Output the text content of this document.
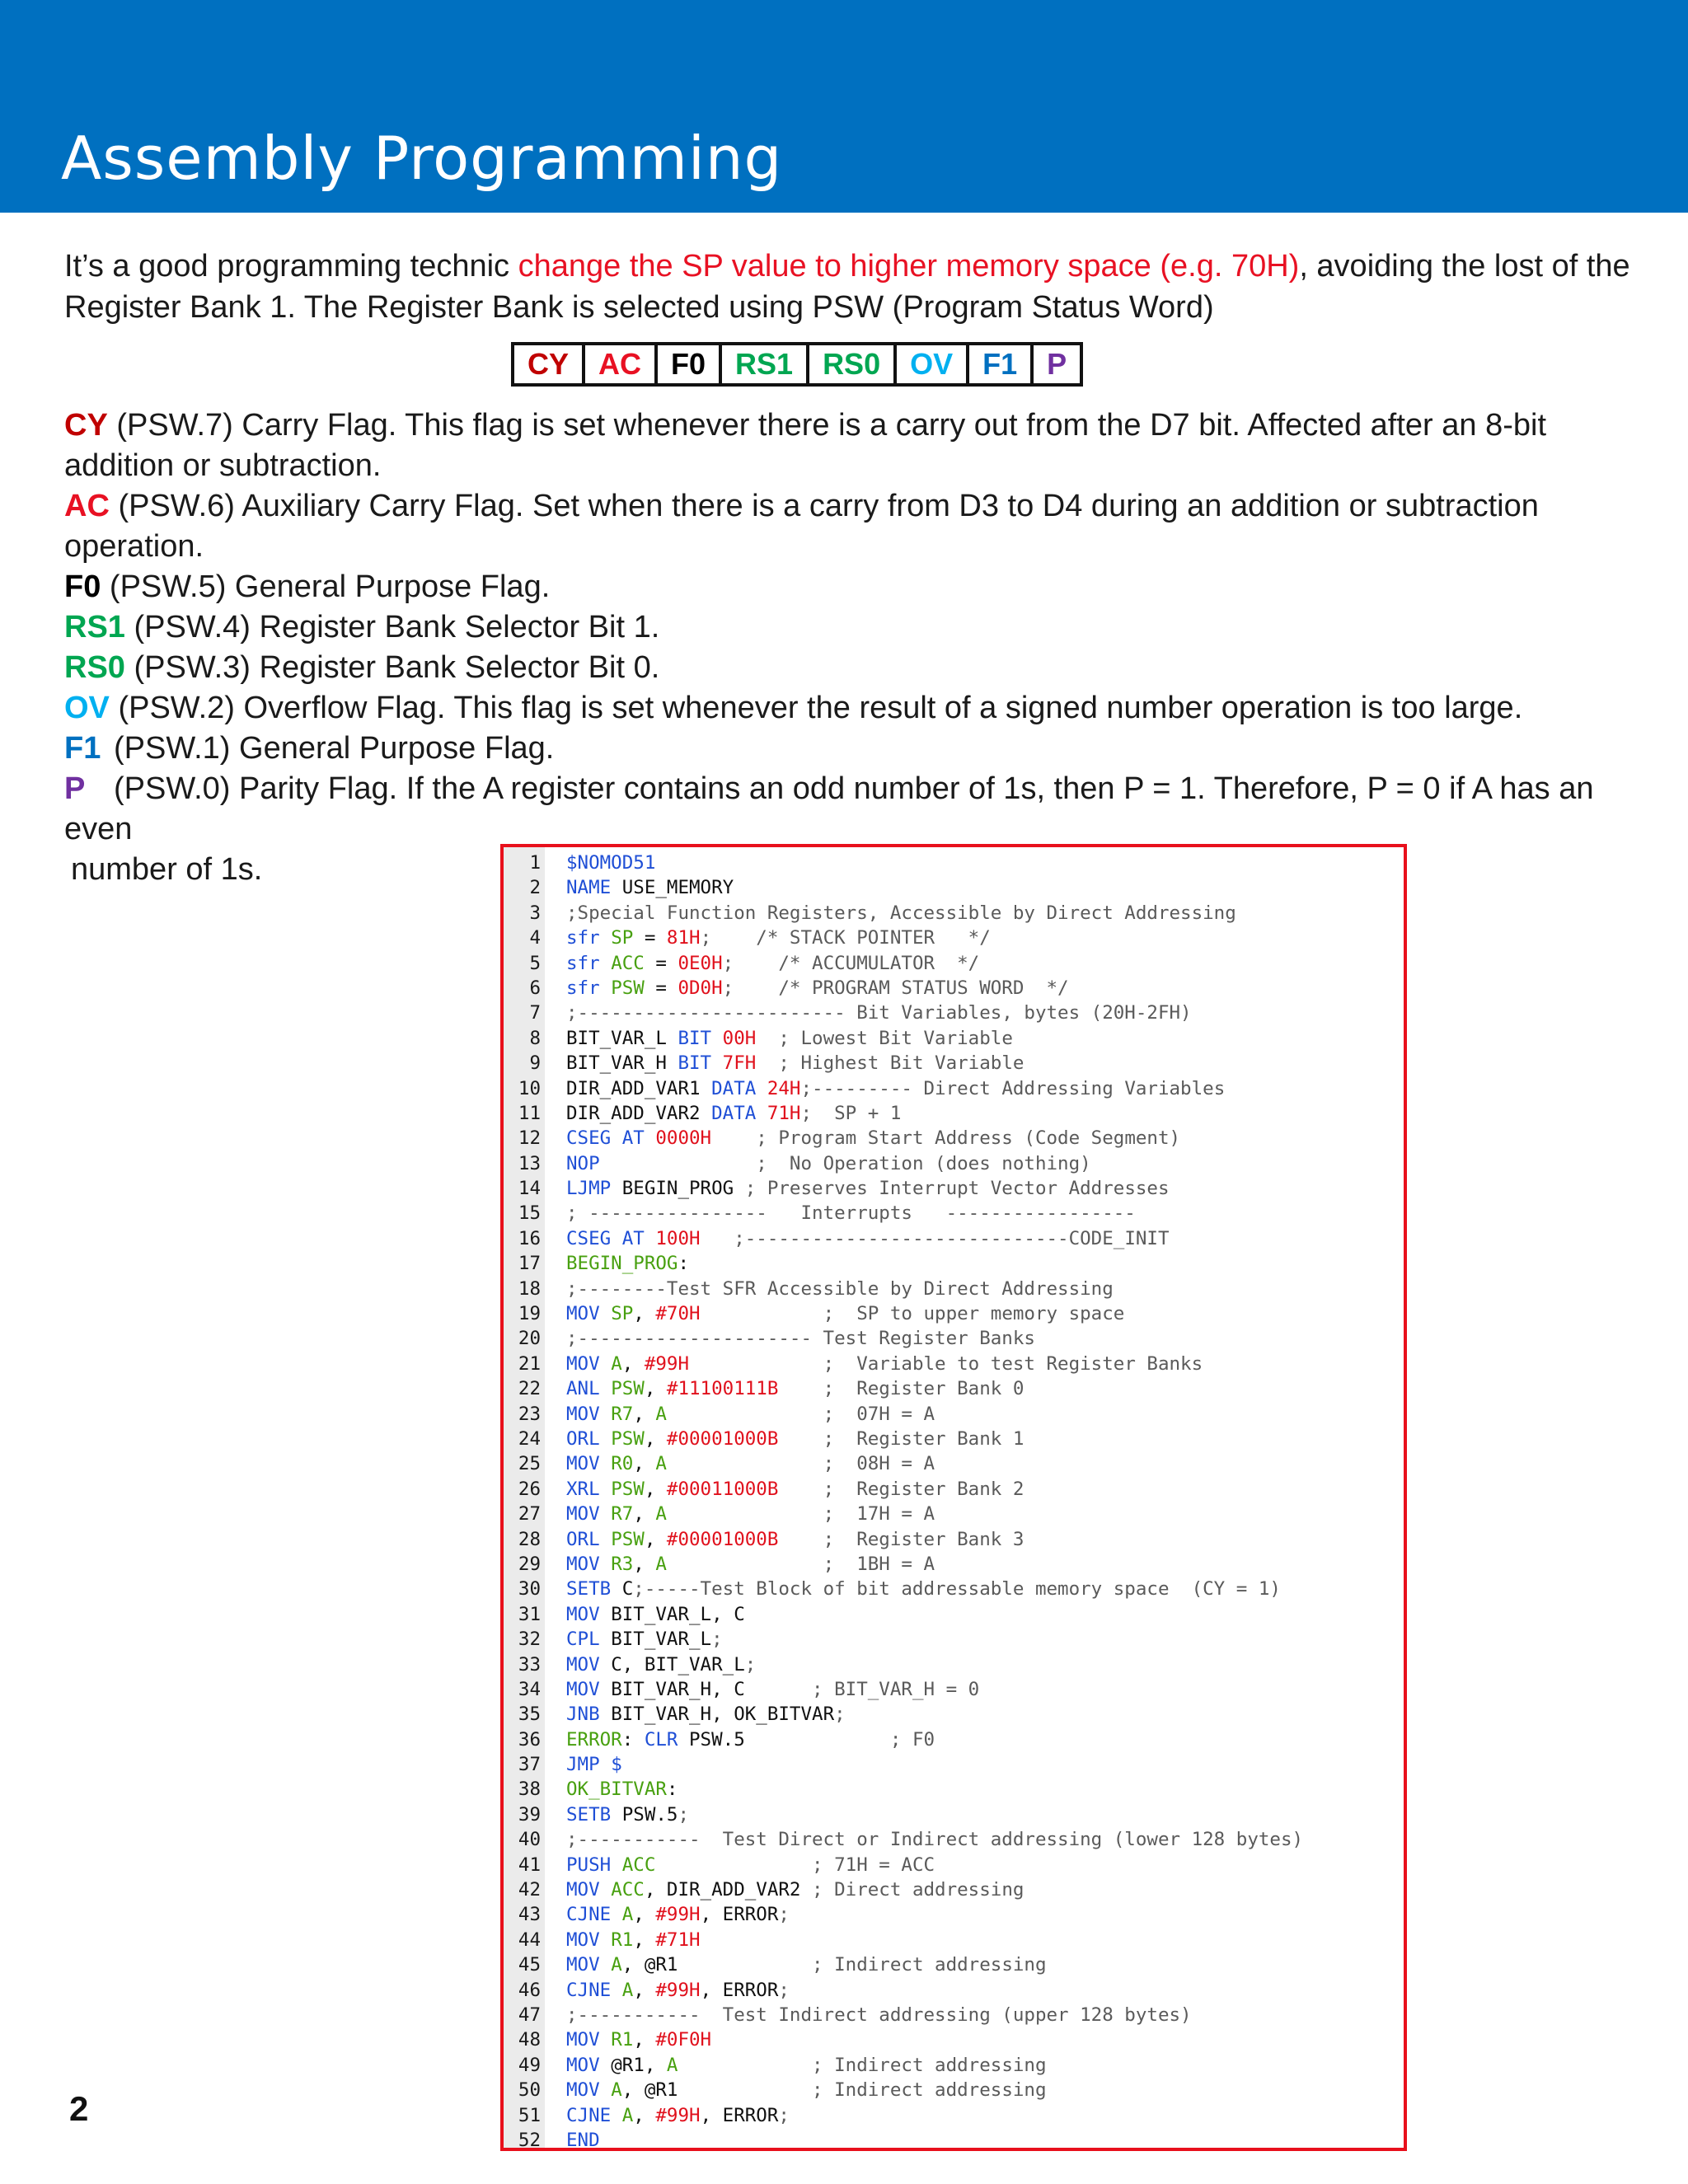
Assembly Programming
It’s a good programming technic change the SP value to higher memory space (e.g. 70H), avoiding the lost of the Register Bank 1. The Register Bank is selected using PSW (Program Status Word)
CY	AC	F0	RS1	RS0	OV	F1	P
CY (PSW.7) Carry Flag. This flag is set whenever there is a carry out from the D7 bit. Affected after an 8-bit addition or subtraction.
AC (PSW.6) Auxiliary Carry Flag. Set when there is a carry from D3 to D4 during an addition or subtraction operation.
F0 (PSW.5) General Purpose Flag.
RS1 (PSW.4) Register Bank Selector Bit 1.
RS0 (PSW.3) Register Bank Selector Bit 0.
OV (PSW.2) Overflow Flag. This flag is set whenever the result of a signed number operation is too large.
F1 (PSW.1) General Purpose Flag.
P (PSW.0) Parity Flag. If the A register contains an odd number of 1s, then P = 1. Therefore, P = 0 if A has an even
number of 1s.	1 $NOMOD51
2 NAME USE_MEMORY
3 ;Special Function Registers, Accessible by Direct Addressing
4 sfr SP = 81H;    /* STACK POINTER   */
5 sfr ACC = 0E0H;    /* ACCUMULATOR  */
6 sfr PSW = 0D0H;    /* PROGRAM STATUS WORD  */
7 ;------------------------ Bit Variables, bytes (20H-2FH)
8 BIT_VAR_L BIT 00H ; Lowest Bit Variable
9 BIT_VAR_H BIT 7FH ; Highest Bit Variable
10 DIR_ADD_VAR1 DATA 24H;--------- Direct Addressing Variables
11 DIR_ADD_VAR2 DATA 71H;  SP + 1
12 CSEG AT 0000H ; Program Start Address (Code Segment)
13 NOP	;  No Operation (does nothing)
14 LJMP BEGIN_PROG ; Preserves Interrupt Vector Addresses
15 ; ----------------   Interrupts   -----------------
16 CSEG AT 100H ;-----------------------------CODE_INIT
17 BEGIN_PROG:
18 ;--------Test SFR Accessible by Direct Addressing
19 MOV SP, #70H	;  SP to upper memory space
20 ;--------------------- Test Register Banks
21 MOV A, #99H	;  Variable to test Register Banks
22 ANL PSW, #11100111B ;  Register Bank 0
23 MOV R7, A	;  07H = A
24 ORL PSW, #00001000B ;  Register Bank 1
25 MOV R0, A	;  08H = A
26 XRL PSW, #00011000B ;  Register Bank 2
27 MOV R7, A	;  17H = A
28 ORL PSW, #00001000B ;  Register Bank 3
29 MOV R3, A	;  1BH = A
30 SETB C;-----Test Block of bit addressable memory space  (CY = 1)
31 MOV BIT_VAR_L, C
32 CPL BIT_VAR_L;
33 MOV C, BIT_VAR_L;
34 MOV BIT_VAR_H, C	; BIT_VAR_H = 0
35 JNB BIT_VAR_H, OK_BITVAR;
36 ERROR: CLR PSW.5	; F0
37 JMP $
38 OK_BITVAR:
39 SETB PSW.5;
40 ;-----------  Test Direct or Indirect addressing (lower 128 bytes)
41 PUSH ACC	; 71H = ACC
42 MOV ACC, DIR_ADD_VAR2 ; Direct addressing
43 CJNE A, #99H, ERROR;
44 MOV R1, #71H
45 MOV A, @R1	; Indirect addressing
46 CJNE A, #99H, ERROR;
47 ;-----------  Test Indirect addressing (upper 128 bytes)
48 MOV R1, #0F0H
49 MOV @R1, A	; Indirect addressing
50 MOV A, @R1	; Indirect addressing
51 CJNE A, #99H, ERROR;
52 END
2
